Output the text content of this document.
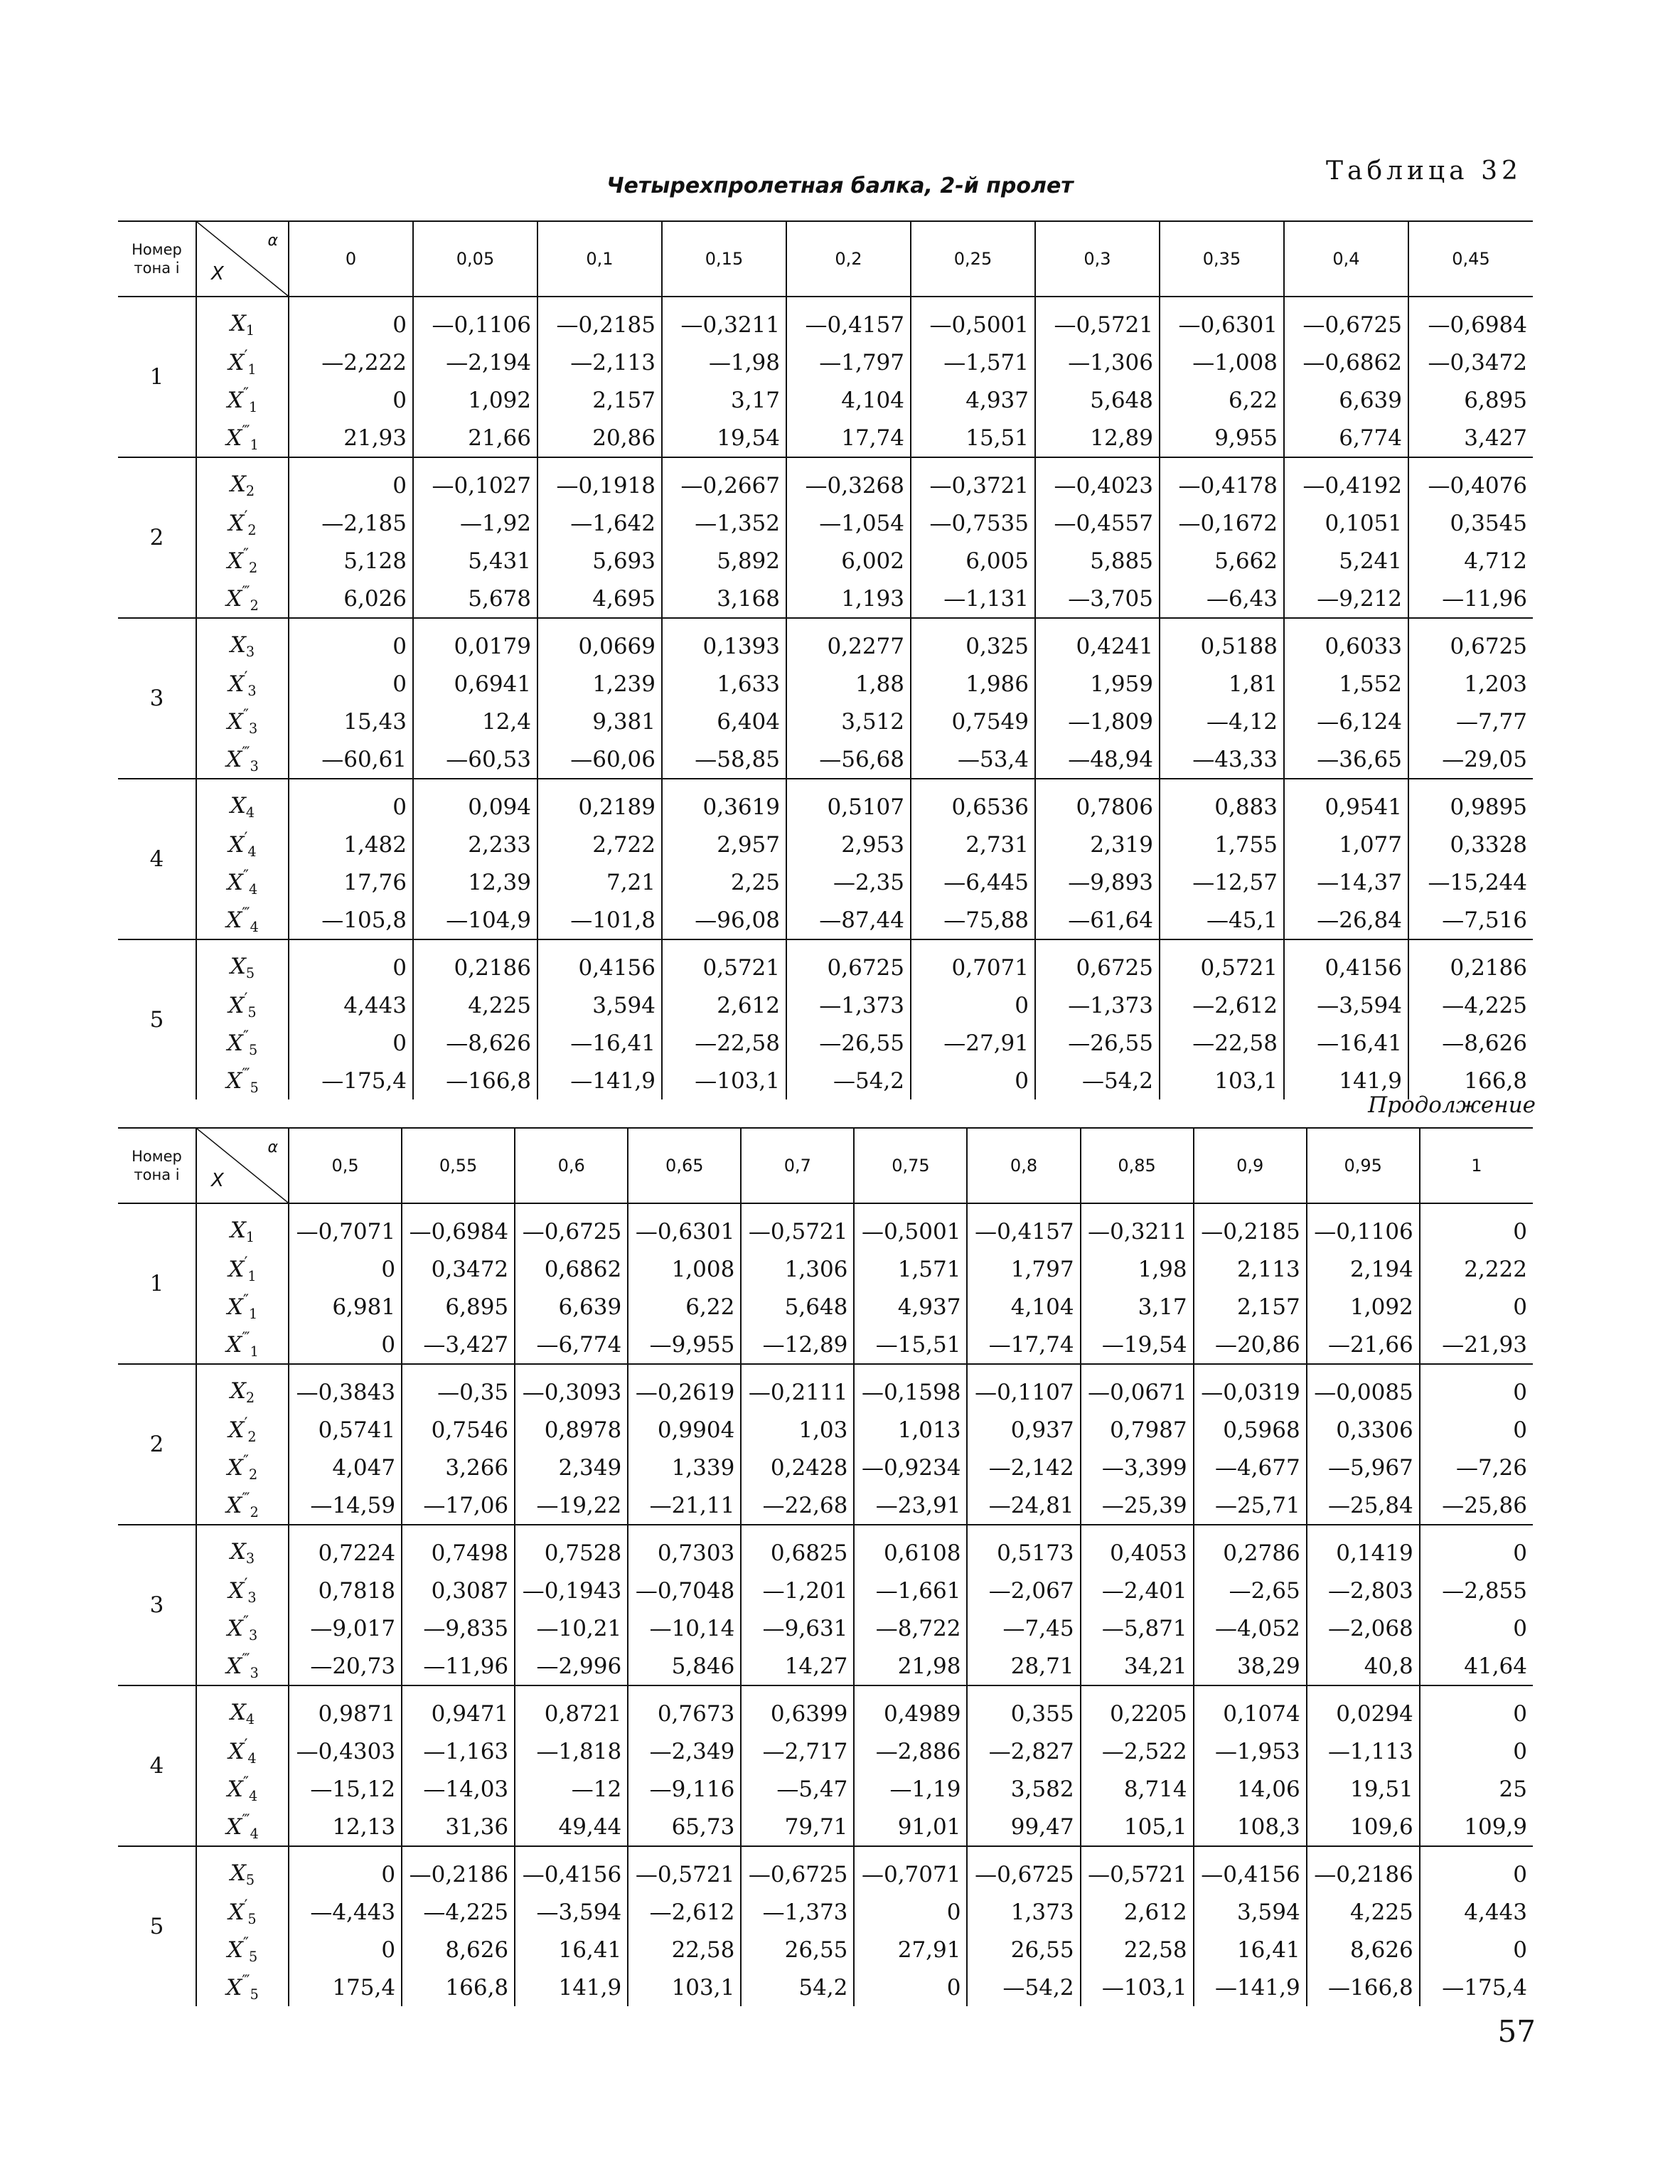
Таблица 32
Четырехпролетная балка, 2-й пролет
Номер тона i	α
X	0	0,05	0,1	0,15	0,2	0,25	0,3	0,35	0,4	0,45
1	$X_1$	0	—0,1106	—0,2185	—0,3211	—0,4157	—0,5001	—0,5721	—0,6301	—0,6725	—0,6984
	$X'_1$	—2,222	—2,194	—2,113	—1,98	—1,797	—1,571	—1,306	—1,008	—0,6862	—0,3472
	$X''_1$	0	1,092	2,157	3,17	4,104	4,937	5,648	6,22	6,639	6,895
	$X^‴_1$	21,93	21,66	20,86	19,54	17,74	15,51	12,89	9,955	6,774	3,427
2	$X_2$	0	—0,1027	—0,1918	—0,2667	—0,3268	—0,3721	—0,4023	—0,4178	—0,4192	—0,4076
	$X'_2$	—2,185	—1,92	—1,642	—1,352	—1,054	—0,7535	—0,4557	—0,1672	0,1051	0,3545
	$X''_2$	5,128	5,431	5,693	5,892	6,002	6,005	5,885	5,662	5,241	4,712
	$X^‴_2$	6,026	5,678	4,695	3,168	1,193	—1,131	—3,705	—6,43	—9,212	—11,96
3	$X_3$	0	0,0179	0,0669	0,1393	0,2277	0,325	0,4241	0,5188	0,6033	0,6725
	$X'_3$	0	0,6941	1,239	1,633	1,88	1,986	1,959	1,81	1,552	1,203
	$X''_3$	15,43	12,4	9,381	6,404	3,512	0,7549	—1,809	—4,12	—6,124	—7,77
	$X^‴_3$	—60,61	—60,53	—60,06	—58,85	—56,68	—53,4	—48,94	—43,33	—36,65	—29,05
4	$X_4$	0	0,094	0,2189	0,3619	0,5107	0,6536	0,7806	0,883	0,9541	0,9895
	$X'_4$	1,482	2,233	2,722	2,957	2,953	2,731	2,319	1,755	1,077	0,3328
	$X''_4$	17,76	12,39	7,21	2,25	—2,35	—6,445	—9,893	—12,57	—14,37	—15,244
	$X^‴_4$	—105,8	—104,9	—101,8	—96,08	—87,44	—75,88	—61,64	—45,1	—26,84	—7,516
5	$X_5$	0	0,2186	0,4156	0,5721	0,6725	0,7071	0,6725	0,5721	0,4156	0,2186
	$X'_5$	4,443	4,225	3,594	2,612	—1,373	0	—1,373	—2,612	—3,594	—4,225
	$X''_5$	0	—8,626	—16,41	—22,58	—26,55	—27,91	—26,55	—22,58	—16,41	—8,626
	$X^‴_5$	—175,4	—166,8	—141,9	—103,1	—54,2	0	—54,2	103,1	141,9	166,8
Продолжение
Номер тона i	α
X	0,5	0,55	0,6	0,65	0,7	0,75	0,8	0,85	0,9	0,95	1
1	$X_1$	—0,7071	—0,6984	—0,6725	—0,6301	—0,5721	—0,5001	—0,4157	—0,3211	—0,2185	—0,1106	0
	$X'_1$	0	0,3472	0,6862	1,008	1,306	1,571	1,797	1,98	2,113	2,194	2,222
	$X''_1$	6,981	6,895	6,639	6,22	5,648	4,937	4,104	3,17	2,157	1,092	0
	$X^‴_1$	0	—3,427	—6,774	—9,955	—12,89	—15,51	—17,74	—19,54	—20,86	—21,66	—21,93
2	$X_2$	—0,3843	—0,35	—0,3093	—0,2619	—0,2111	—0,1598	—0,1107	—0,0671	—0,0319	—0,0085	0
	$X'_2$	0,5741	0,7546	0,8978	0,9904	1,03	1,013	0,937	0,7987	0,5968	0,3306	0
	$X''_2$	4,047	3,266	2,349	1,339	0,2428	—0,9234	—2,142	—3,399	—4,677	—5,967	—7,26
	$X^‴_2$	—14,59	—17,06	—19,22	—21,11	—22,68	—23,91	—24,81	—25,39	—25,71	—25,84	—25,86
3	$X_3$	0,7224	0,7498	0,7528	0,7303	0,6825	0,6108	0,5173	0,4053	0,2786	0,1419	0
	$X'_3$	0,7818	0,3087	—0,1943	—0,7048	—1,201	—1,661	—2,067	—2,401	—2,65	—2,803	—2,855
	$X''_3$	—9,017	—9,835	—10,21	—10,14	—9,631	—8,722	—7,45	—5,871	—4,052	—2,068	0
	$X^‴_3$	—20,73	—11,96	—2,996	5,846	14,27	21,98	28,71	34,21	38,29	40,8	41,64
4	$X_4$	0,9871	0,9471	0,8721	0,7673	0,6399	0,4989	0,355	0,2205	0,1074	0,0294	0
	$X'_4$	—0,4303	—1,163	—1,818	—2,349	—2,717	—2,886	—2,827	—2,522	—1,953	—1,113	0
	$X''_4$	—15,12	—14,03	—12	—9,116	—5,47	—1,19	3,582	8,714	14,06	19,51	25
	$X^‴_4$	12,13	31,36	49,44	65,73	79,71	91,01	99,47	105,1	108,3	109,6	109,9
5	$X_5$	0	—0,2186	—0,4156	—0,5721	—0,6725	—0,7071	—0,6725	—0,5721	—0,4156	—0,2186	0
	$X'_5$	—4,443	—4,225	—3,594	—2,612	—1,373	0	1,373	2,612	3,594	4,225	4,443
	$X''_5$	0	8,626	16,41	22,58	26,55	27,91	26,55	22,58	16,41	8,626	0
	$X^‴_5$	175,4	166,8	141,9	103,1	54,2	0	—54,2	—103,1	—141,9	—166,8	—175,4
57
